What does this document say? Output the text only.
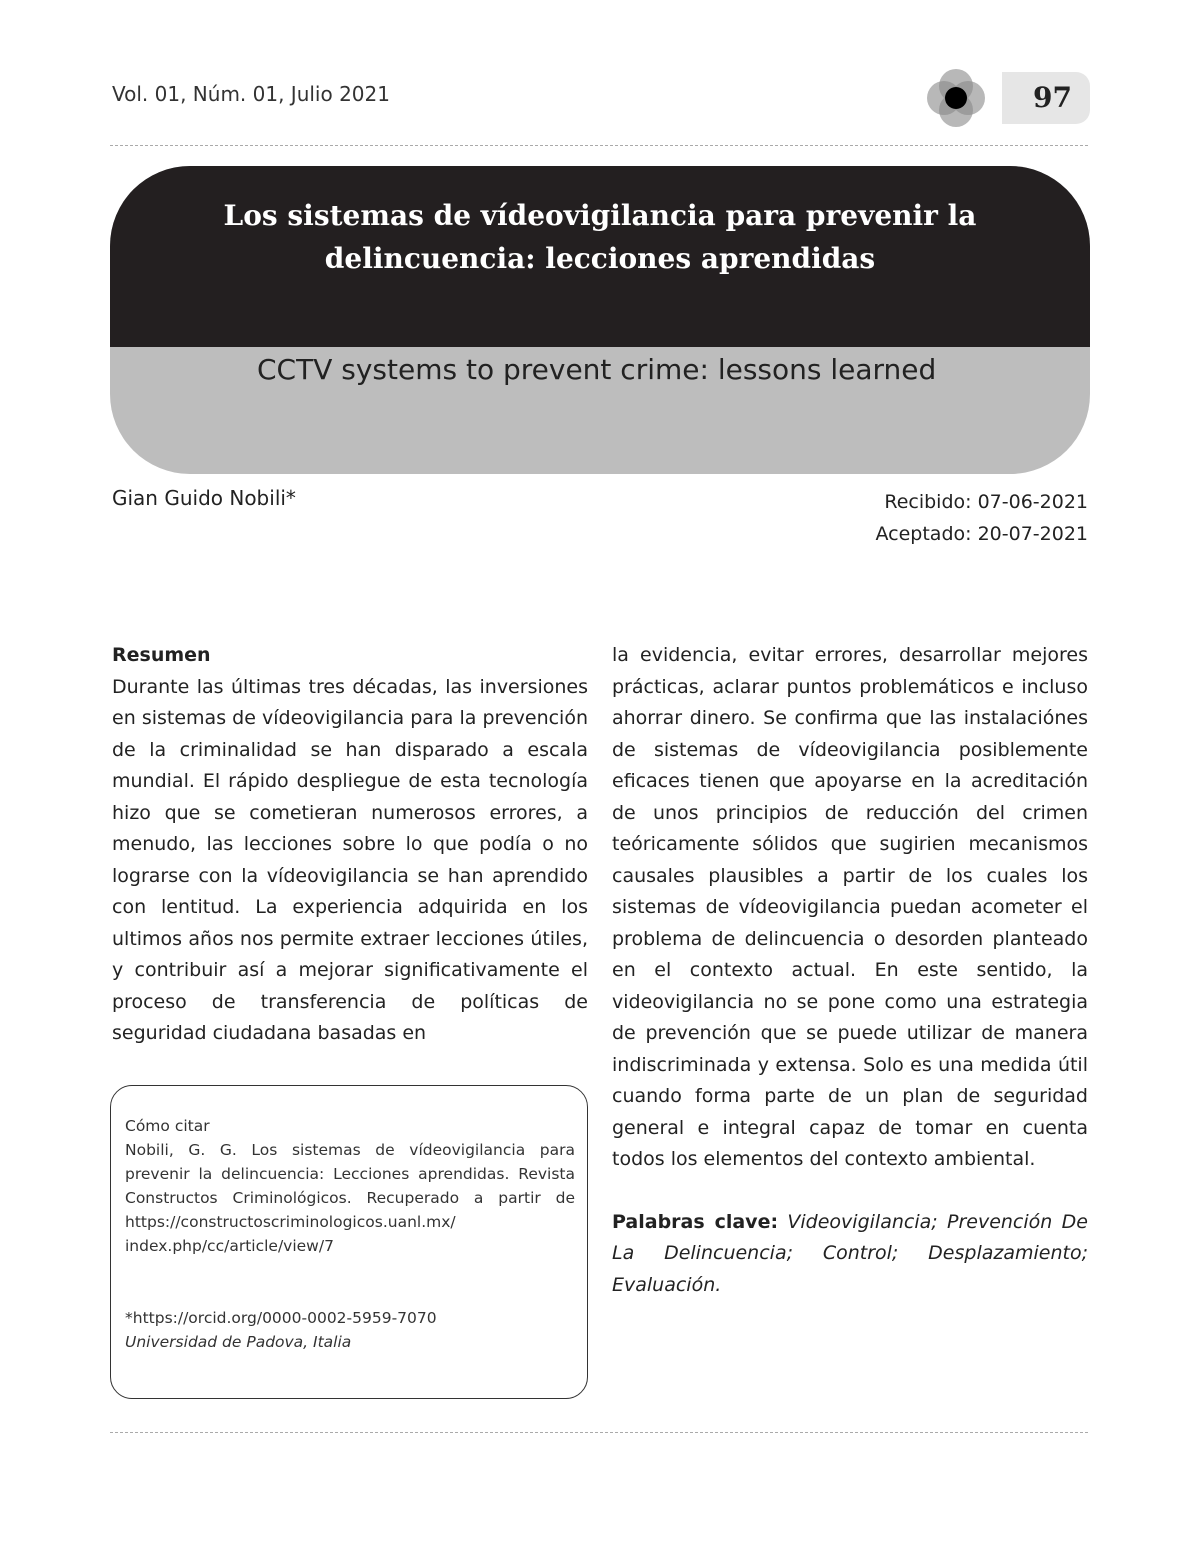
Vol. 01, Núm. 01, Julio 2021	97
Los sistemas de vídeovigilancia para prevenir la delincuencia: lecciones aprendidas
CCTV systems to prevent crime: lessons learned
Gian Guido Nobili*	Recibido: 07-06-2021
Aceptado: 20-07-2021
Resumen
Durante las últimas tres décadas, las inversiones en sistemas de vídeovigilancia para la prevención de la criminalidad se han disparado a escala mundial. El rápido despliegue de esta tecnología hizo que se cometieran numerosos errores, a menudo, las lecciones sobre lo que podía o no lograrse con la vídeovigilancia se han aprendido con lentitud. La experiencia adquirida en los ultimos años nos permite extraer lecciones útiles, y contribuir así a mejorar significativamente el proceso de transferencia de políticas de seguridad ciudadana basadas en
la evidencia, evitar errores, desarrollar mejores prácticas, aclarar puntos problemáticos e incluso ahorrar dinero. Se confirma que las instalaciónes de sistemas de vídeovigilancia posiblemente eficaces tienen que apoyarse en la acreditación de unos principios de reducción del crimen teóricamente sólidos que sugirien mecanismos causales plausibles a partir de los cuales los sistemas de vídeovigilancia puedan acometer el problema de delincuencia o desorden planteado en el contexto actual. En este sentido, la videovigilancia no se pone como una estrategia de prevención que se puede utilizar de manera indiscriminada y extensa. Solo es una medida útil cuando forma parte de un plan de seguridad general e integral capaz de tomar en cuenta todos los elementos del contexto ambiental.
Palabras clave: Videovigilancia; Prevención De La Delincuencia; Control; Desplazamiento; Evaluación.

Cómo citar

Nobili, G. G. Los sistemas de vídeovigilancia para prevenir la delincuencia: Lecciones aprendidas. Revista Constructos Criminológicos. Recuperado a partir de https://constructoscriminologicos.uanl.mx/ index.php/cc/article/view/7

*https://orcid.org/0000-0002-5959-7070

Universidad de Padova, Italia
